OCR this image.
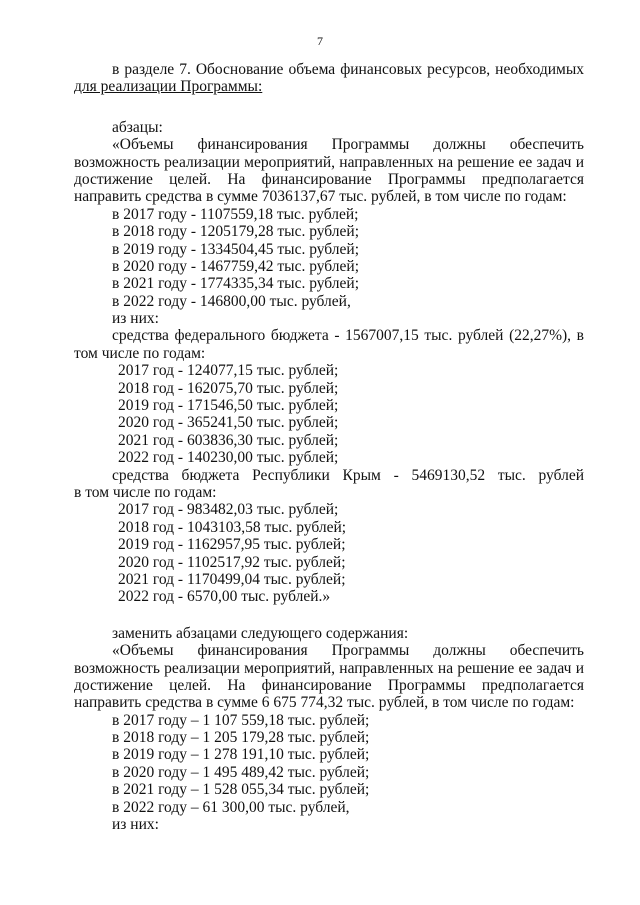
7
в разделе 7. Обоснование объема финансовых ресурсов, необходимых
для реализации Программы:
абзацы:
«Объемы финансирования Программы должны обеспечить
возможность реализации мероприятий, направленных на решение ее задач и
достижение целей. На финансирование Программы предполагается
направить средства в сумме 7036137,67 тыс. рублей, в том числе по годам:
в 2017 году - 1107559,18 тыс. рублей;
в 2018 году - 1205179,28 тыс. рублей;
в 2019 году - 1334504,45 тыс. рублей;
в 2020 году - 1467759,42 тыс. рублей;
в 2021 году - 1774335,34 тыс. рублей;
в 2022 году - 146800,00 тыс. рублей,
из них:
средства федерального бюджета - 1567007,15 тыс. рублей (22,27%), в
том числе по годам:
2017 год - 124077,15 тыс. рублей;
2018 год - 162075,70 тыс. рублей;
2019 год - 171546,50 тыс. рублей;
2020 год - 365241,50 тыс. рублей;
2021 год - 603836,30 тыс. рублей;
2022 год - 140230,00 тыс. рублей;
средства бюджета Республики Крым - 5469130,52 тыс. рублей
в том числе по годам:
2017 год - 983482,03 тыс. рублей;
2018 год - 1043103,58 тыс. рублей;
2019 год - 1162957,95 тыс. рублей;
2020 год - 1102517,92 тыс. рублей;
2021 год - 1170499,04 тыс. рублей;
2022 год - 6570,00 тыс. рублей.»
заменить абзацами следующего содержания:
«Объемы финансирования Программы должны обеспечить
возможность реализации мероприятий, направленных на решение ее задач и
достижение целей. На финансирование Программы предполагается
направить средства в сумме 6 675 774,32 тыс. рублей, в том числе по годам:
в 2017 году – 1 107 559,18 тыс. рублей;
в 2018 году – 1 205 179,28 тыс. рублей;
в 2019 году – 1 278 191,10 тыс. рублей;
в 2020 году – 1 495 489,42 тыс. рублей;
в 2021 году – 1 528 055,34 тыс. рублей;
в 2022 году – 61 300,00 тыс. рублей,
из них:
